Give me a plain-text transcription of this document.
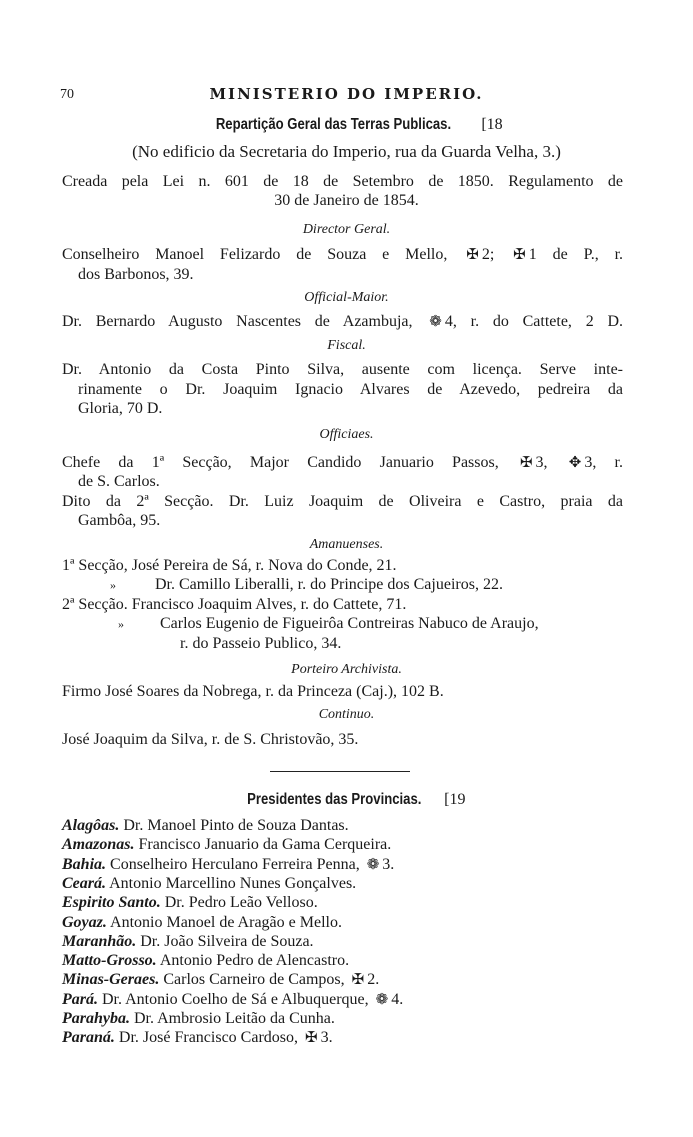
70	MINISTERIO DO IMPERIO.
Repartição Geral das Terras Publicas. [18
(No edificio da Secretaria do Imperio, rua da Guarda Velha, 3.)
Creada pela Lei n. 601 de 18 de Setembro de 1850. Regulamento de
30 de Janeiro de 1854.
Director Geral.
Conselheiro Manoel Felizardo de Souza e Mello, ✠ 2; ✠ 1 de P., r.
dos Barbonos, 39.
Official-Maior.
Dr. Bernardo Augusto Nascentes de Azambuja, ❁ 4, r. do Cattete, 2 D.
Fiscal.
Dr. Antonio da Costa Pinto Silva, ausente com licença. Serve inte-
rinamente o Dr. Joaquim Ignacio Alvares de Azevedo, pedreira da
Gloria, 70 D.
Officiaes.
Chefe da 1ª Secção, Major Candido Januario Passos, ✠ 3, ✥ 3, r.
de S. Carlos.
Dito da 2ª Secção. Dr. Luiz Joaquim de Oliveira e Castro, praia da
Gambôa, 95.
Amanuenses.
1ª Secção, José Pereira de Sá, r. Nova do Conde, 21.
» Dr. Camillo Liberalli, r. do Principe dos Cajueiros, 22.
2ª Secção. Francisco Joaquim Alves, r. do Cattete, 71.
» Carlos Eugenio de Figueirôa Contreiras Nabuco de Araujo,
r. do Passeio Publico, 34.
Porteiro Archivista.
Firmo José Soares da Nobrega, r. da Princeza (Caj.), 102 B.
Continuo.
José Joaquim da Silva, r. de S. Christovão, 35.
Presidentes das Provincias. [19
Alagôas. Dr. Manoel Pinto de Souza Dantas.
Amazonas. Francisco Januario da Gama Cerqueira.
Bahia. Conselheiro Herculano Ferreira Penna, ❁ 3.
Ceará. Antonio Marcellino Nunes Gonçalves.
Espirito Santo. Dr. Pedro Leão Velloso.
Goyaz. Antonio Manoel de Aragão e Mello.
Maranhão. Dr. João Silveira de Souza.
Matto-Grosso. Antonio Pedro de Alencastro.
Minas-Geraes. Carlos Carneiro de Campos, ✠ 2.
Pará. Dr. Antonio Coelho de Sá e Albuquerque, ❁ 4.
Parahyba. Dr. Ambrosio Leitão da Cunha.
Paraná. Dr. José Francisco Cardoso, ✠ 3.
